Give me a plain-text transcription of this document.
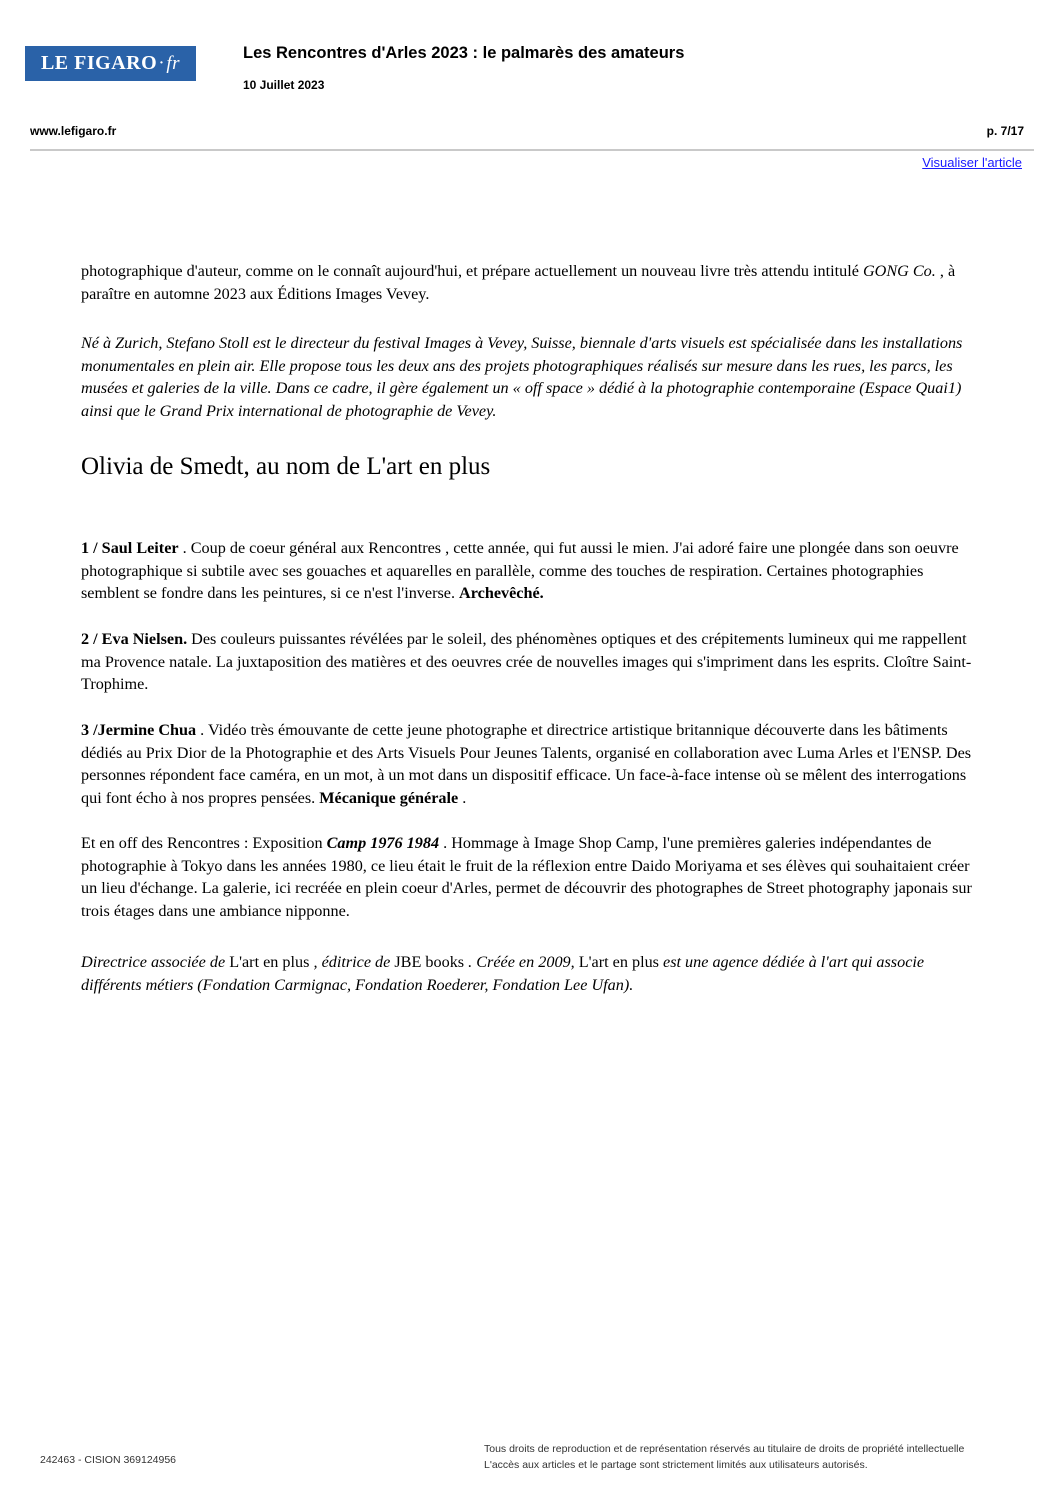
LE FIGARO · fr	Les Rencontres d'Arles 2023 : le palmarès des amateurs
10 Juillet 2023
www.lefigaro.fr	p. 7/17
Visualiser l'article

photographique d'auteur, comme on le connaît aujourd'hui, et prépare actuellement un nouveau livre très attendu intitulé GONG Co. , à paraître en automne 2023 aux Éditions Images Vevey.

Né à Zurich, Stefano Stoll est le directeur du festival Images à Vevey, Suisse, biennale d'arts visuels est spécialisée dans les installations monumentales en plein air. Elle propose tous les deux ans des projets photographiques réalisés sur mesure dans les rues, les parcs, les musées et galeries de la ville. Dans ce cadre, il gère également un « off space » dédié à la photographie contemporaine (Espace Quai1) ainsi que le Grand Prix international de photographie de Vevey.

Olivia de Smedt, au nom de L'art en plus

1 / Saul Leiter . Coup de coeur général aux Rencontres , cette année, qui fut aussi le mien. J'ai adoré faire une plongée dans son oeuvre photographique si subtile avec ses gouaches et aquarelles en parallèle, comme des touches de respiration. Certaines photographies semblent se fondre dans les peintures, si ce n'est l'inverse. Archevêché.

2 / Eva Nielsen. Des couleurs puissantes révélées par le soleil, des phénomènes optiques et des crépitements lumineux qui me rappellent ma Provence natale. La juxtaposition des matières et des oeuvres crée de nouvelles images qui s'impriment dans les esprits. Cloître Saint-Trophime.

3 /Jermine Chua . Vidéo très émouvante de cette jeune photographe et directrice artistique britannique découverte dans les bâtiments dédiés au Prix Dior de la Photographie et des Arts Visuels Pour Jeunes Talents, organisé en collaboration avec Luma Arles et l'ENSP. Des personnes répondent face caméra, en un mot, à un mot dans un dispositif efficace. Un face-à-face intense où se mêlent des interrogations qui font écho à nos propres pensées. Mécanique générale .

Et en off des Rencontres : Exposition Camp 1976 1984 . Hommage à Image Shop Camp, l'une premières galeries indépendantes de photographie à Tokyo dans les années 1980, ce lieu était le fruit de la réflexion entre Daido Moriyama et ses élèves qui souhaitaient créer un lieu d'échange. La galerie, ici recréée en plein coeur d'Arles, permet de découvrir des photographes de Street photography japonais sur trois étages dans une ambiance nipponne.

Directrice associée de L'art en plus , éditrice de JBE books . Créée en 2009, L'art en plus est une agence dédiée à l'art qui associe différents métiers (Fondation Carmignac, Fondation Roederer, Fondation Lee Ufan).

242463 - CISION 369124956
Tous droits de reproduction et de représentation réservés au titulaire de droits de propriété intellectuelle
L'accès aux articles et le partage sont strictement limités aux utilisateurs autorisés.
